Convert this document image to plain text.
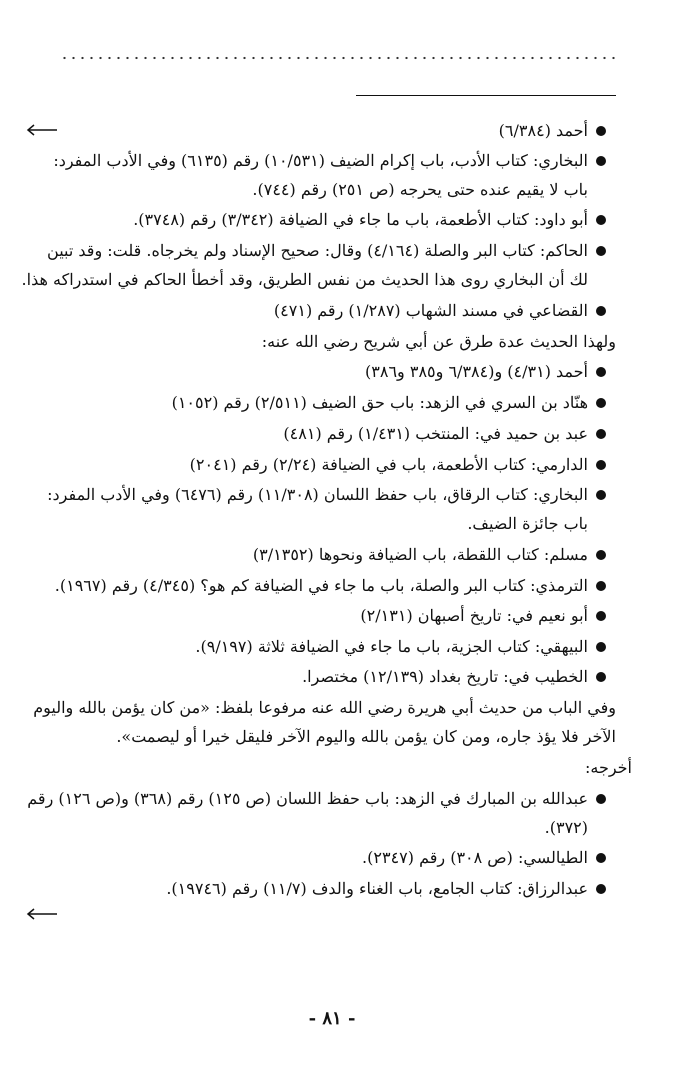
أحمد (٦/٣٨٤)
البخاري: كتاب الأدب، باب إكرام الضيف (١٠/٥٣١) رقم (٦١٣٥) وفي الأدب المفرد:
باب لا يقيم عنده حتى يحرجه (ص ٢٥١) رقم (٧٤٤).
أبو داود: كتاب الأطعمة، باب ما جاء في الضيافة (٣/٣٤٢) رقم (٣٧٤٨).
الحاكم: كتاب البر والصلة (٤/١٦٤) وقال: صحيح الإسناد ولم يخرجاه. قلت: وقد تبين
لك أن البخاري روى هذا الحديث من نفس الطريق، وقد أخطأ الحاكم في استدراكه هذا.
القضاعي في مسند الشهاب (١/٢٨٧) رقم (٤٧١)
ولهذا الحديث عدة طرق عن أبي شريح رضي الله عنه:
أحمد (٤/٣١) و(٦/٣٨٤ و٣٨٥ و٣٨٦)
هنّاد بن السري في الزهد: باب حق الضيف (٢/٥١١) رقم (١٠٥٢)
عبد بن حميد في: المنتخب (١/٤٣١) رقم (٤٨١)
الدارمي: كتاب الأطعمة، باب في الضيافة (٢/٢٤) رقم (٢٠٤١)
البخاري: كتاب الرقاق، باب حفظ اللسان (١١/٣٠٨) رقم (٦٤٧٦) وفي الأدب المفرد:
باب جائزة الضيف.
مسلم: كتاب اللقطة، باب الضيافة ونحوها (٣/١٣٥٢)
الترمذي: كتاب البر والصلة، باب ما جاء في الضيافة كم هو؟ (٤/٣٤٥) رقم (١٩٦٧).
أبو نعيم في: تاريخ أصبهان (٢/١٣١)
البيهقي: كتاب الجزية، باب ما جاء في الضيافة ثلاثة (٩/١٩٧).
الخطيب في: تاريخ بغداد (١٢/١٣٩) مختصرا.
وفي الباب من حديث أبي هريرة رضي الله عنه مرفوعا بلفظ: «من كان يؤمن بالله واليوم
الآخر فلا يؤذ جاره، ومن كان يؤمن بالله واليوم الآخر فليقل خيرا أو ليصمت».
أخرجه:
عبدالله بن المبارك في الزهد: باب حفظ اللسان (ص ١٢٥) رقم (٣٦٨) و(ص ١٢٦) رقم
(٣٧٢).
الطيالسي: (ص ٣٠٨) رقم (٢٣٤٧).
عبدالرزاق: كتاب الجامع، باب الغناء والدف (١١/٧) رقم (١٩٧٤٦).
- ٨١ -
